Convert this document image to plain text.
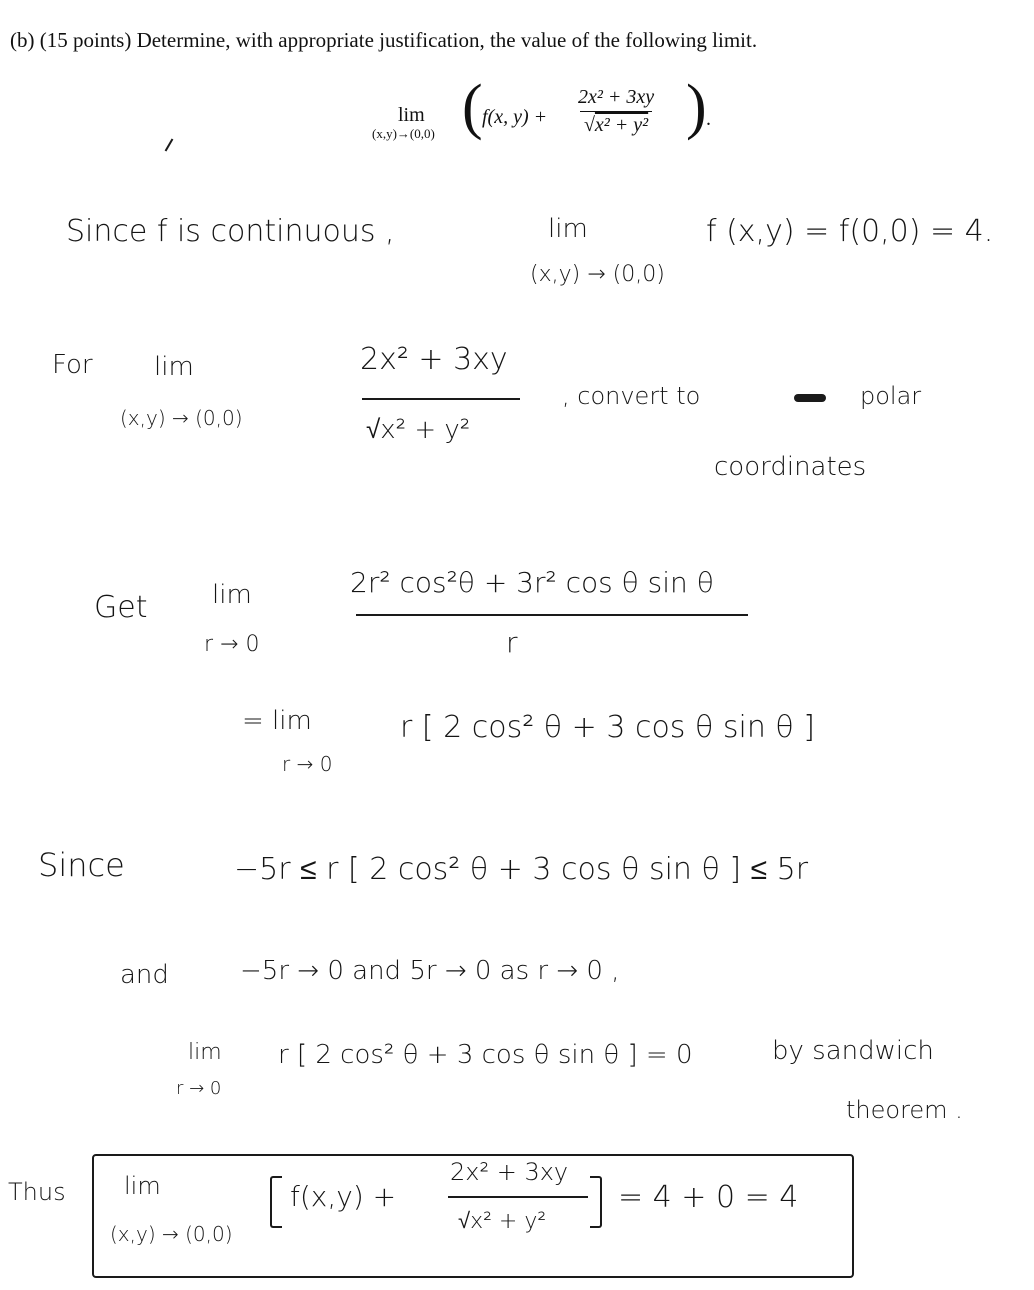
(b) (15 points) Determine, with appropriate justification, the value of the following limit.
lim
(x,y)→(0,0) ( f(x, $y) + \frac{\text{2x² + 3xy}}{\text{√x² + y²}}$ ) .
Since f is continuous ,	lim
(x,y) → (0,0)
f (x,y) = f(0,0) = 4.
For lim
(x,y) → (0,0)
2x² + 3xy
√x² + y²
, convert to	polar
coordinates
Get lim
r → 0
2r² cos²θ + 3r² cos θ sin θ
r
= lim
r → 0
r [ 2 cos² θ + 3 cos θ sin θ ]
Since	−5r ≤ r [ 2 cos² θ + 3 cos θ sin θ ] ≤ 5r
and	−5r → 0 and 5r → 0 as r → 0 ,
lim
r → 0
r [ 2 cos² θ + 3 cos θ sin θ ] = 0	by sandwich
theorem .
Thus lim
(x,y) → (0,0)
f(x,y) +
2x² + 3xy
√x² + y²
= 4 + 0 = 4
